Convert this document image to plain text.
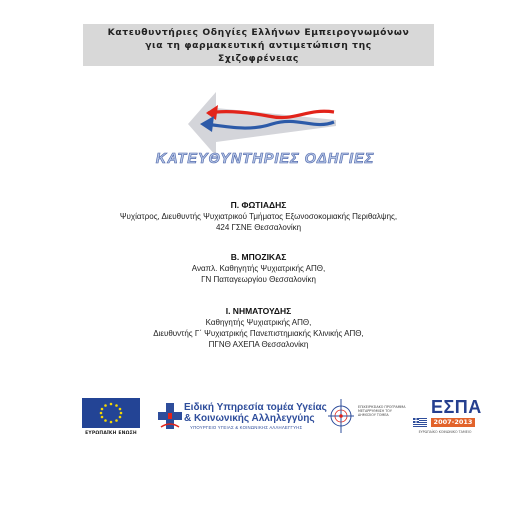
Κατευθυντήριες Οδηγίες Ελλήνων Εμπειρογνωμόνων
για τη φαρμακευτική αντιμετώπιση της
Σχιζοφρένειας
ΚΑΤΕΥΘΥΝΤΗΡΙΕΣ ΟΔΗΓΙΕΣ
Π. ΦΩΤΙΑΔΗΣ
Ψυχίατρος, Διευθυντής Ψυχιατρικού Τμήματος Εξωνοσοκομιακής Περιθαλψης,
424 ΓΣΝΕ Θεσσαλονίκη
Β. ΜΠΟΖΙΚΑΣ
Αναπλ. Καθηγητής Ψυχιατρικής ΑΠΘ,
ΓΝ Παπαγεωργίου Θεσσαλονίκη
Ι. ΝΗΜΑΤΟΥΔΗΣ
Καθηγητής Ψυχιατρικής ΑΠΘ,
Διευθυντής Γ΄ Ψυχιατρικής Πανεπιστημιακής Κλινικής ΑΠΘ,
ΠΓΝΘ ΑΧΕΠΑ Θεσσαλονίκη
ΕΥΡΩΠΑΪΚΗ ΕΝΩΣΗ
Ειδική Υπηρεσία τομέα Υγείας
& Κοινωνικής Αλληλεγγύης
ΥΠΟΥΡΓΕΙΟ ΥΓΕΙΑΣ & ΚΟΙΝΩΝΙΚΗΣ ΑΛΛΗΛΕΓΓΥΗΣ
ΕΠΙΧΕΙΡΗΣΙΑΚΟ ΠΡΟΓΡΑΜΜΑ ΜΕΤΑΡΡΥΘΜΙΣΗ ΤΟΥ ΔΗΜΟΣΙΟΥ ΤΟΜΕΑ	ΕΣΠΑ
2007-2013
ΕΥΡΩΠΑΪΚΟ ΚΟΙΝΩΝΙΚΟ ΤΑΜΕΙΟ
